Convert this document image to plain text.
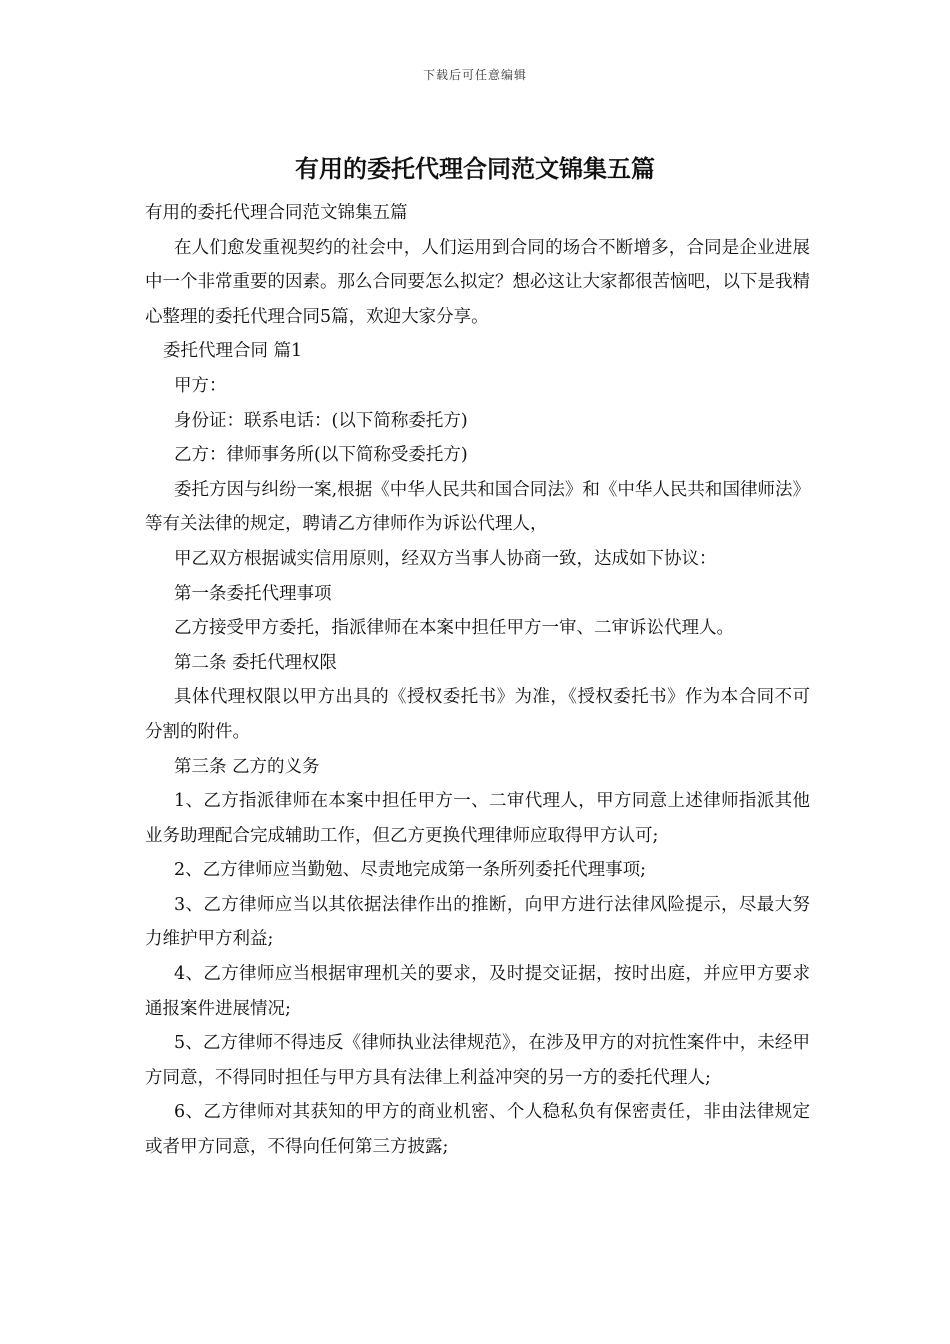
下载后可任意编辑
有用的委托代理合同范文锦集五篇

有用的委托代理合同范文锦集五篇

在人们愈发重视契约的社会中，人们运用到合同的场合不断增多，合同是企业进展中一个非常重要的因素。那么合同要怎么拟定？想必这让大家都很苦恼吧，以下是我精心整理的委托代理合同5篇，欢迎大家分享。

委托代理合同 篇1

甲方：

身份证：联系电话：(以下简称委托方)

乙方：律师事务所(以下简称受委托方)

委托方因与纠纷一案,根据《中华人民共和国合同法》和《中华人民共和国律师法》等有关法律的规定，聘请乙方律师作为诉讼代理人，

甲乙双方根据诚实信用原则，经双方当事人协商一致，达成如下协议：

第一条委托代理事项

乙方接受甲方委托，指派律师在本案中担任甲方一审、二审诉讼代理人。

第二条 委托代理权限

具体代理权限以甲方出具的《授权委托书》为准，《授权委托书》作为本合同不可分割的附件。

第三条 乙方的义务

1、乙方指派律师在本案中担任甲方一、二审代理人，甲方同意上述律师指派其他业务助理配合完成辅助工作，但乙方更换代理律师应取得甲方认可;

2、乙方律师应当勤勉、尽责地完成第一条所列委托代理事项;

3、乙方律师应当以其依据法律作出的推断，向甲方进行法律风险提示，尽最大努力维护甲方利益;

4、乙方律师应当根据审理机关的要求，及时提交证据，按时出庭，并应甲方要求通报案件进展情况;

5、乙方律师不得违反《律师执业法律规范》，在涉及甲方的对抗性案件中，未经甲方同意，不得同时担任与甲方具有法律上利益冲突的另一方的委托代理人;

6、乙方律师对其获知的甲方的商业机密、个人稳私负有保密责任，非由法律规定或者甲方同意，不得向任何第三方披露;
